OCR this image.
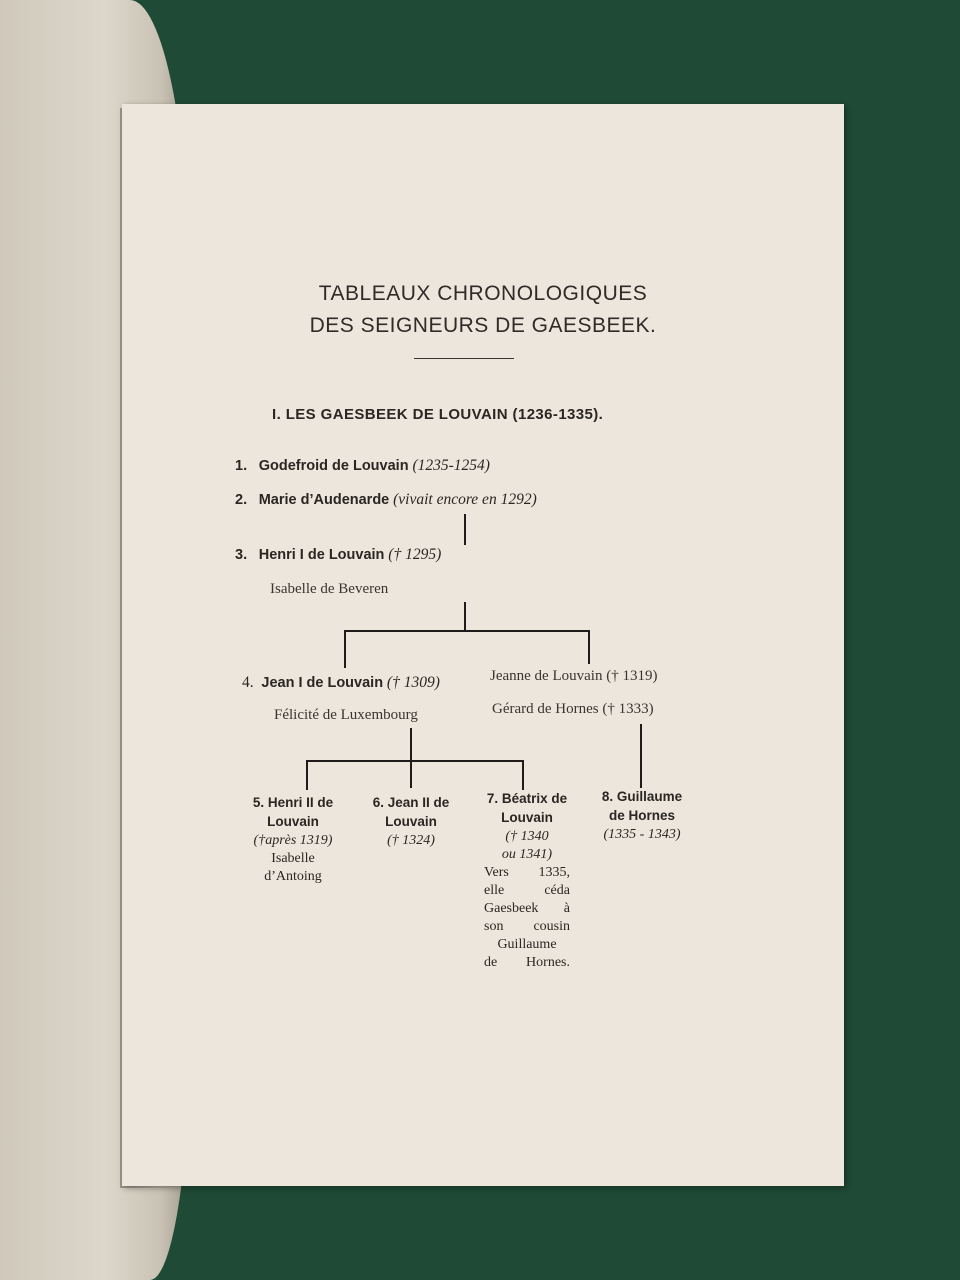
TABLEAUX CHRONOLOGIQUES
DES SEIGNEURS DE GAESBEEK.
I. LES GAESBEEK DE LOUVAIN (1236-1335).
1. Godefroid de Louvain (1235-1254)
2. Marie d’Audenarde (vivait encore en 1292)
3. Henri I de Louvain († 1295)
Isabelle de Beveren
4. Jean I de Louvain († 1309)	Jeanne de Louvain († 1319)
Félicité de Luxembourg	Gérard de Hornes († 1333)
5. Henri II de
Louvain
(†après 1319)
Isabelle
d’Antoing
6. Jean II de
Louvain
(† 1324)
7. Béatrix de
Louvain
(† 1340
ou 1341)
Vers 1335,
elle céda
Gaesbeek à
son cousin
Guillaume
de Hornes.
8. Guillaume
de Hornes
(1335 - 1343)
